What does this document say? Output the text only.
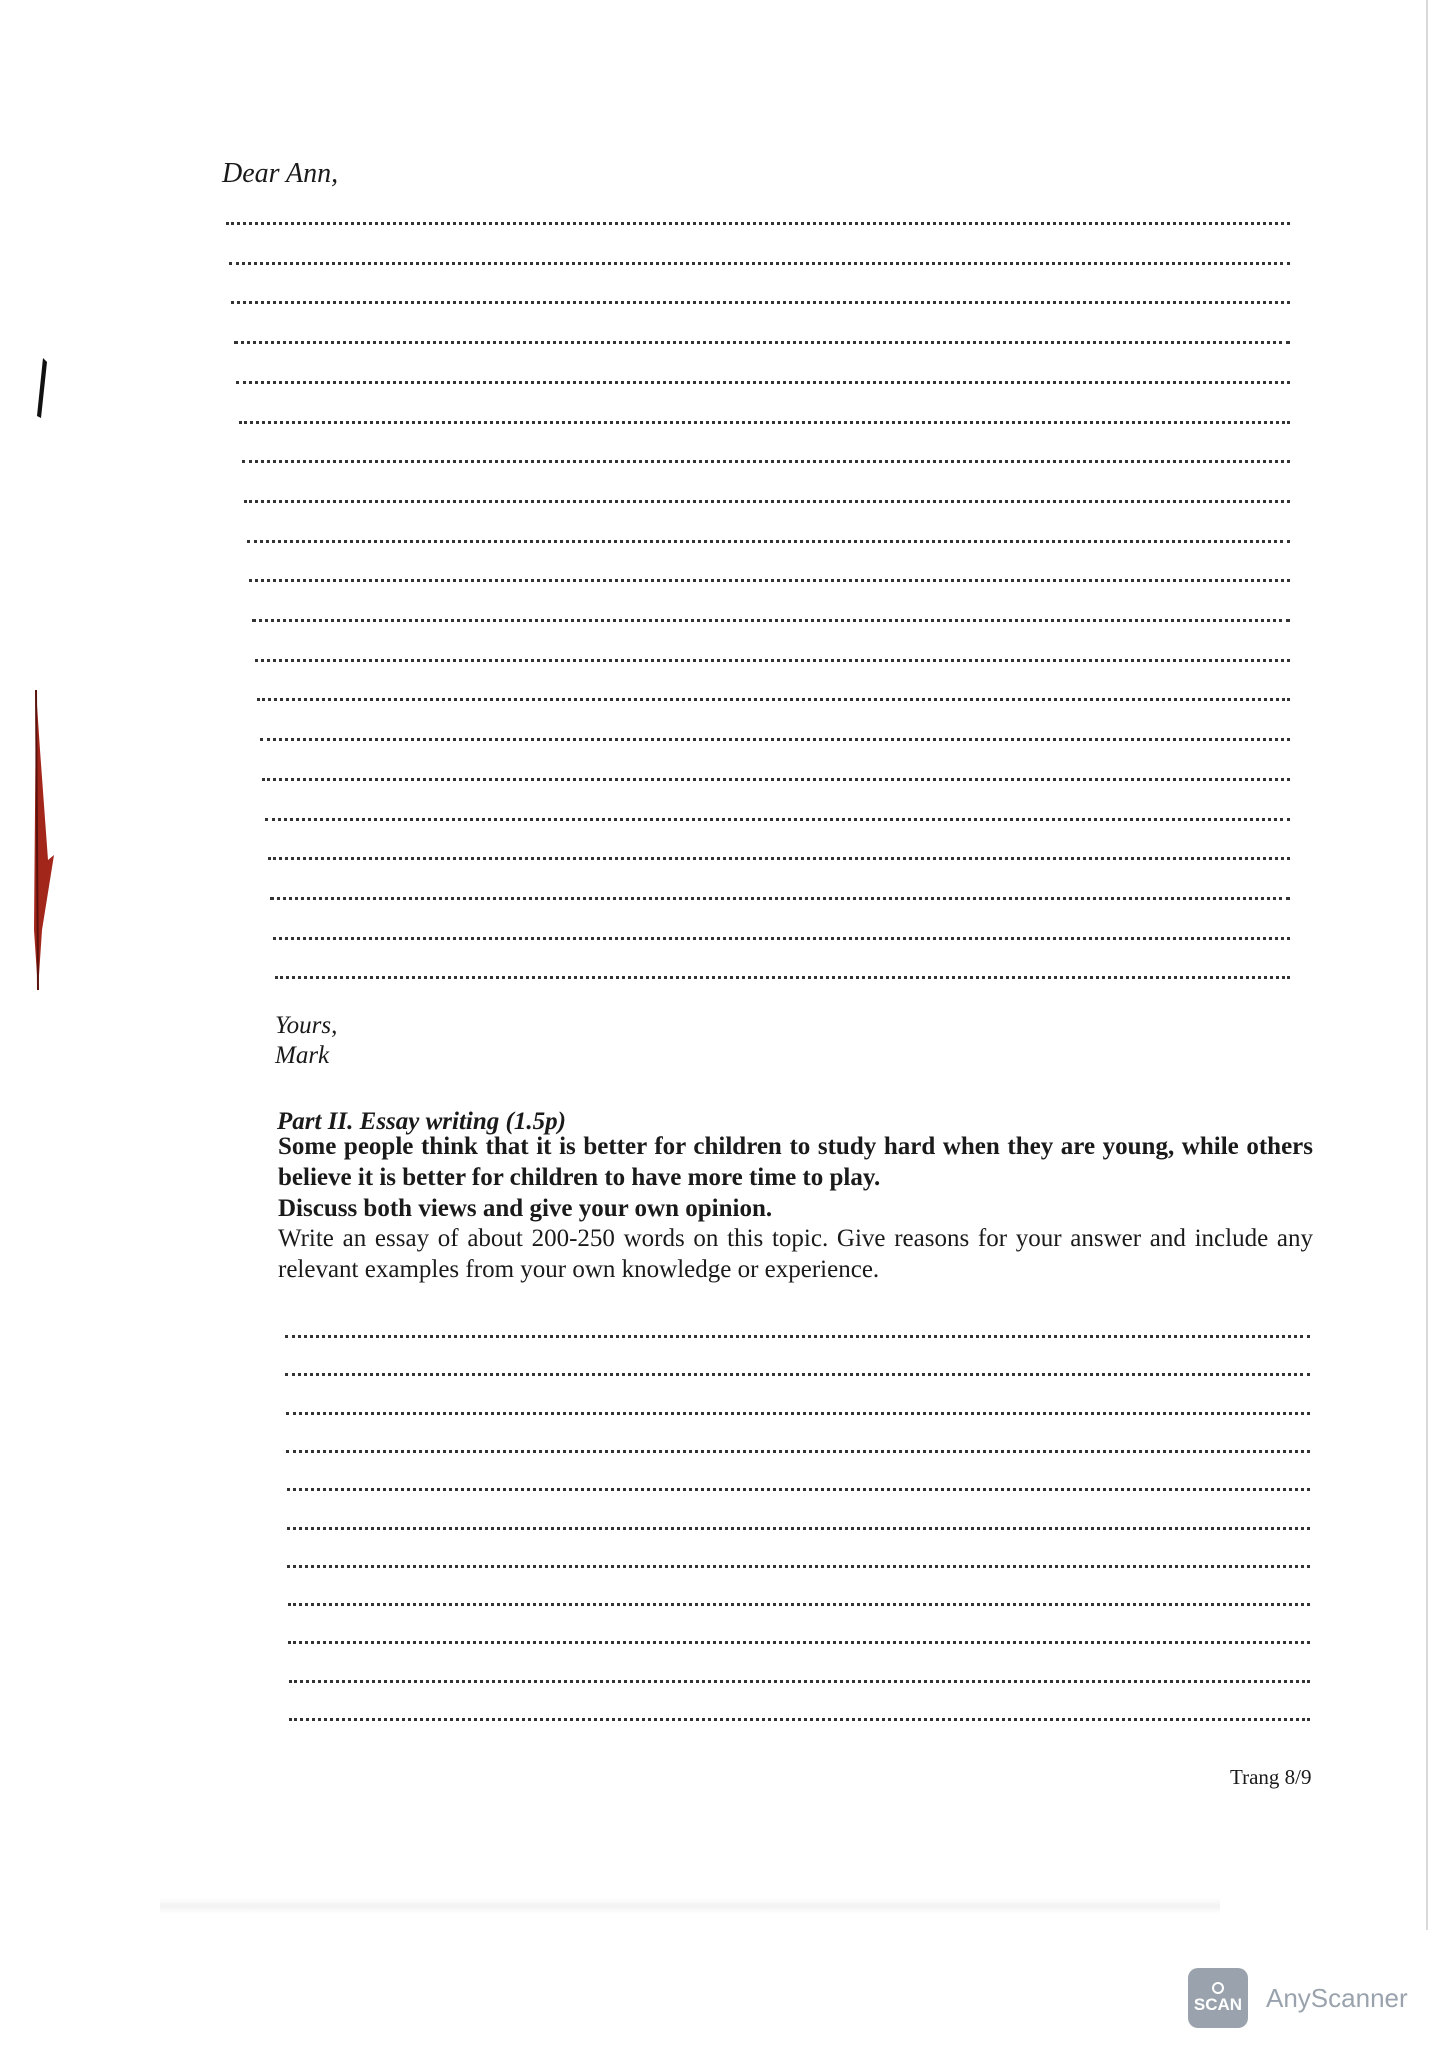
Dear Ann,
Yours,
Mark
Part II. Essay writing (1.5p)
Some people think that it is better for children to study hard when they are young, while others believe it is better for children to have more time to play.
Discuss both views and give your own opinion.
Write an essay of about 200-250 words on this topic. Give reasons for your answer and include any relevant examples from your own knowledge or experience.
Trang 8/9
SCAN AnyScanner
